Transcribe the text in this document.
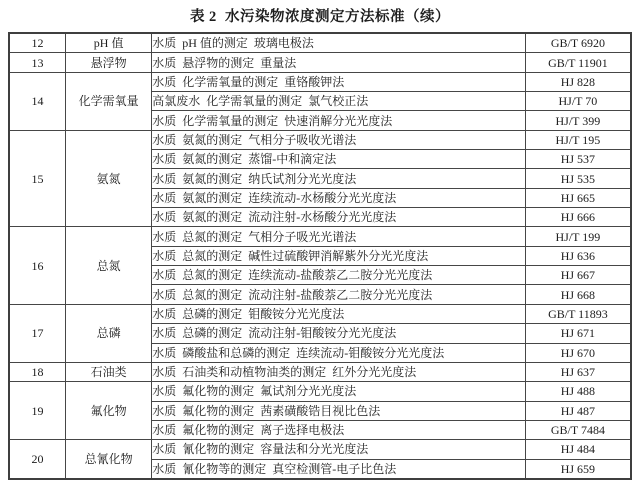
表 2  水污染物浓度测定方法标准（续）
12	pH 值	水质  pH 值的测定  玻璃电极法	GB/T 6920
13	悬浮物	水质  悬浮物的测定  重量法	GB/T 11901
14	化学需氧量	水质  化学需氧量的测定  重铬酸钾法	HJ 828
		高氯废水  化学需氧量的测定  氯气校正法	HJ/T 70
		水质  化学需氧量的测定  快速消解分光光度法	HJ/T 399
15	氨氮	水质  氨氮的测定  气相分子吸收光谱法	HJ/T 195
		水质  氨氮的测定  蒸馏-中和滴定法	HJ 537
		水质  氨氮的测定  纳氏试剂分光光度法	HJ 535
		水质  氨氮的测定  连续流动-水杨酸分光光度法	HJ 665
		水质  氨氮的测定  流动注射-水杨酸分光光度法	HJ 666
16	总氮	水质  总氮的测定  气相分子吸光光谱法	HJ/T 199
		水质  总氮的测定  碱性过硫酸钾消解紫外分光光度法	HJ 636
		水质  总氮的测定  连续流动-盐酸萘乙二胺分光光度法	HJ 667
		水质  总氮的测定  流动注射-盐酸萘乙二胺分光光度法	HJ 668
17	总磷	水质  总磷的测定  钼酸铵分光光度法	GB/T 11893
		水质  总磷的测定  流动注射-钼酸铵分光光度法	HJ 671
		水质  磷酸盐和总磷的测定  连续流动-钼酸铵分光光度法	HJ 670
18	石油类	水质  石油类和动植物油类的测定  红外分光光度法	HJ 637
19	氟化物	水质  氟化物的测定  氟试剂分光光度法	HJ 488
		水质  氟化物的测定  茜素磺酸锆目视比色法	HJ 487
		水质  氟化物的测定  离子选择电极法	GB/T 7484
20	总氰化物	水质  氰化物的测定  容量法和分光光度法	HJ 484
		水质  氰化物等的测定  真空检测管-电子比色法	HJ 659
